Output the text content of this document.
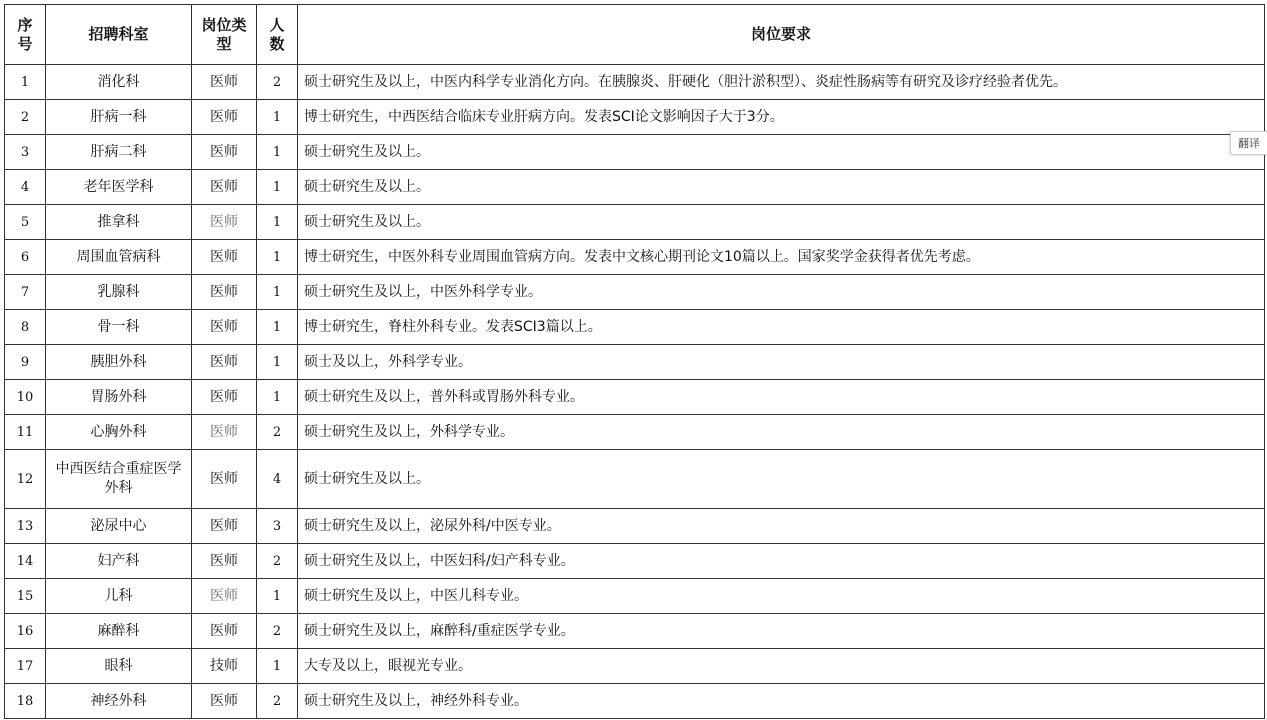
序号	招聘科室	岗位类型	人数	岗位要求
1	消化科	医师	2	硕士研究生及以上，中医内科学专业消化方向。在胰腺炎、肝硬化（胆汁淤积型）、炎症性肠病等有研究及诊疗经验者优先。
2	肝病一科	医师	1	博士研究生，中西医结合临床专业肝病方向。发表SCI论文影响因子大于3分。
3	肝病二科	医师	1	硕士研究生及以上。
4	老年医学科	医师	1	硕士研究生及以上。
5	推拿科	医师	1	硕士研究生及以上。
6	周围血管病科	医师	1	博士研究生，中医外科专业周围血管病方向。发表中文核心期刊论文10篇以上。国家奖学金获得者优先考虑。
7	乳腺科	医师	1	硕士研究生及以上，中医外科学专业。
8	骨一科	医师	1	博士研究生，脊柱外科专业。发表SCI3篇以上。
9	胰胆外科	医师	1	硕士及以上，外科学专业。
10	胃肠外科	医师	1	硕士研究生及以上，普外科或胃肠外科专业。
11	心胸外科	医师	2	硕士研究生及以上，外科学专业。
12	中西医结合重症医学外科	医师	4	硕士研究生及以上。
13	泌尿中心	医师	3	硕士研究生及以上，泌尿外科/中医专业。
14	妇产科	医师	2	硕士研究生及以上，中医妇科/妇产科专业。
15	儿科	医师	1	硕士研究生及以上，中医儿科专业。
16	麻醉科	医师	2	硕士研究生及以上，麻醉科/重症医学专业。
17	眼科	技师	1	大专及以上，眼视光专业。
18	神经外科	医师	2	硕士研究生及以上，神经外科专业。
翻译
